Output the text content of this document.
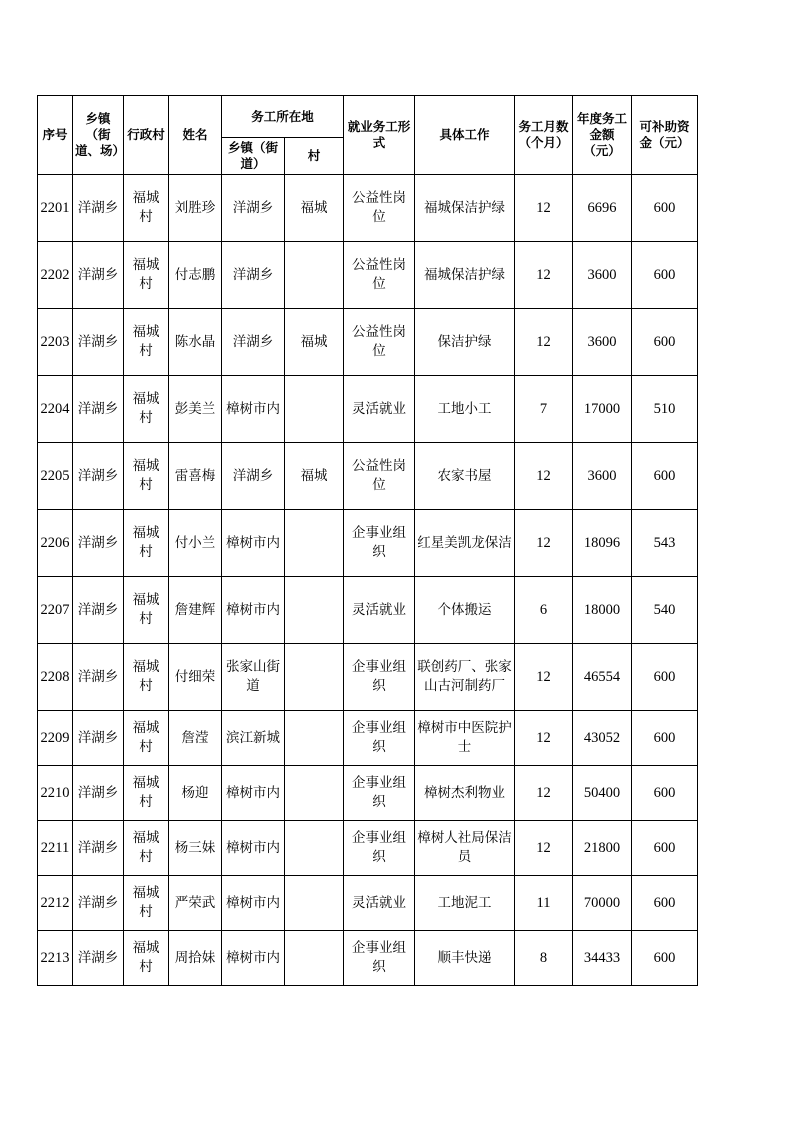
序号	乡镇（街道、场）	行政村	姓名	务工所在地		就业务工形式	具体工作	务工月数（个月）	年度务工金额（元）	可补助资金（元）
				乡镇（街道）	村					
2201	洋湖乡	福城村	刘胜珍	洋湖乡	福城	公益性岗位	福城保洁护绿	12	6696	600
2202	洋湖乡	福城村	付志鹏	洋湖乡		公益性岗位	福城保洁护绿	12	3600	600
2203	洋湖乡	福城村	陈水晶	洋湖乡	福城	公益性岗位	保洁护绿	12	3600	600
2204	洋湖乡	福城村	彭美兰	樟树市内		灵活就业	工地小工	7	17000	510
2205	洋湖乡	福城村	雷喜梅	洋湖乡	福城	公益性岗位	农家书屋	12	3600	600
2206	洋湖乡	福城村	付小兰	樟树市内		企事业组织	红星美凯龙保洁	12	18096	543
2207	洋湖乡	福城村	詹建辉	樟树市内		灵活就业	个体搬运	6	18000	540
2208	洋湖乡	福城村	付细荣	张家山街道		企事业组织	联创药厂、张家山古河制药厂	12	46554	600
2209	洋湖乡	福城村	詹滢	滨江新城		企事业组织	樟树市中医院护士	12	43052	600
2210	洋湖乡	福城村	杨迎	樟树市内		企事业组织	樟树杰利物业	12	50400	600
2211	洋湖乡	福城村	杨三妹	樟树市内		企事业组织	樟树人社局保洁员	12	21800	600
2212	洋湖乡	福城村	严荣武	樟树市内		灵活就业	工地泥工	11	70000	600
2213	洋湖乡	福城村	周拾妹	樟树市内		企事业组织	顺丰快递	8	34433	600
